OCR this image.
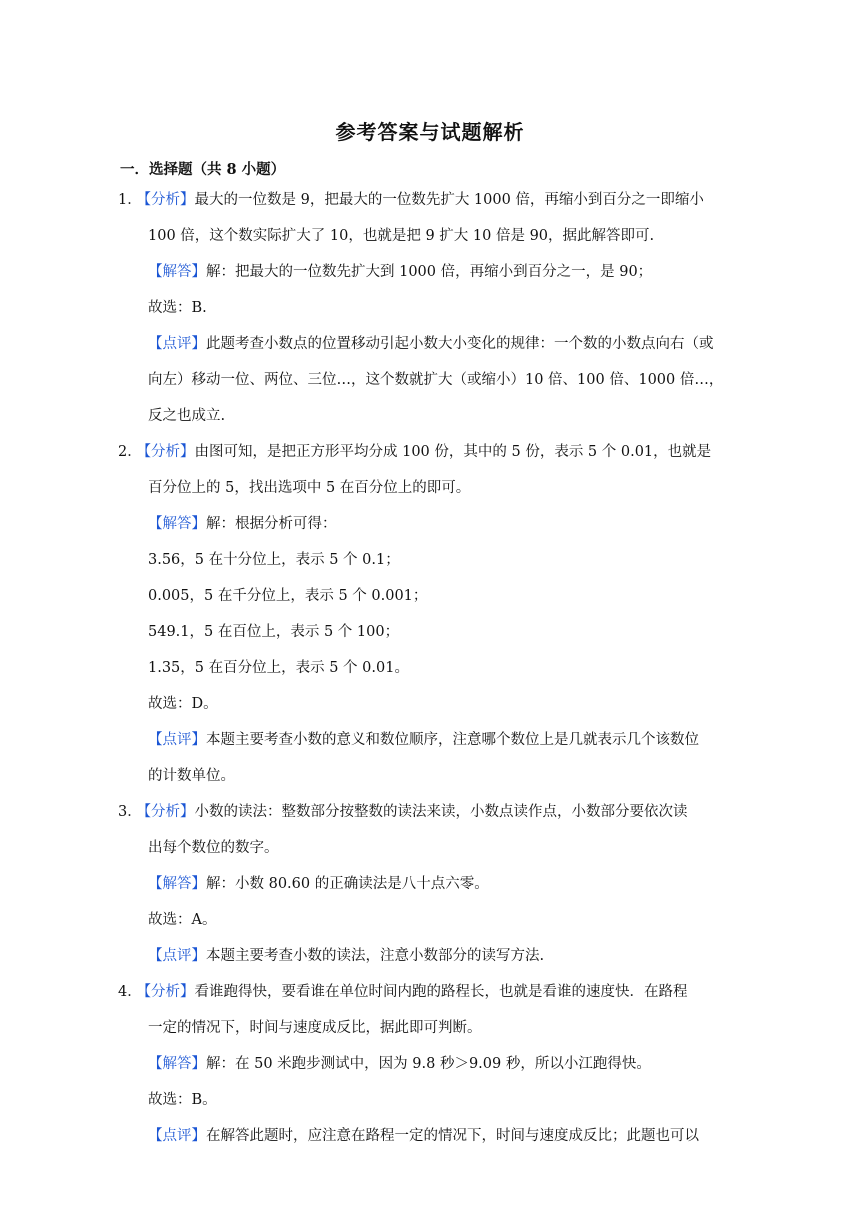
参考答案与试题解析
一．选择题（共 8 小题）
1． 【分析】最大的一位数是 9，把最大的一位数先扩大 1000 倍，再缩小到百分之一即缩小
100 倍，这个数实际扩大了 10，也就是把 9 扩大 10 倍是 90，据此解答即可.
【解答】解：把最大的一位数先扩大到 1000 倍，再缩小到百分之一，是 90；
故选：B.
【点评】此题考查小数点的位置移动引起小数大小变化的规律：一个数的小数点向右（或
向左）移动一位、两位、三位…，这个数就扩大（或缩小）10 倍、100 倍、1000 倍…，
反之也成立.
2． 【分析】由图可知，是把正方形平均分成 100 份，其中的 5 份，表示 5 个 0.01，也就是
百分位上的 5，找出选项中 5 在百分位上的即可。
【解答】解：根据分析可得：
3.56，5 在十分位上，表示 5 个 0.1；
0.005，5 在千分位上，表示 5 个 0.001；
549.1，5 在百位上，表示 5 个 100；
1.35，5 在百分位上，表示 5 个 0.01。
故选：D。
【点评】本题主要考查小数的意义和数位顺序，注意哪个数位上是几就表示几个该数位
的计数单位。
3． 【分析】小数的读法：整数部分按整数的读法来读，小数点读作点，小数部分要依次读
出每个数位的数字。
【解答】解：小数 80.60 的正确读法是八十点六零。
故选：A。
【点评】本题主要考查小数的读法，注意小数部分的读写方法.
4． 【分析】看谁跑得快，要看谁在单位时间内跑的路程长，也就是看谁的速度快．在路程
一定的情况下，时间与速度成反比，据此即可判断。
【解答】解：在 50 米跑步测试中，因为 9.8 秒＞9.09 秒，所以小江跑得快。
故选：B。
【点评】在解答此题时，应注意在路程一定的情况下，时间与速度成反比；此题也可以
